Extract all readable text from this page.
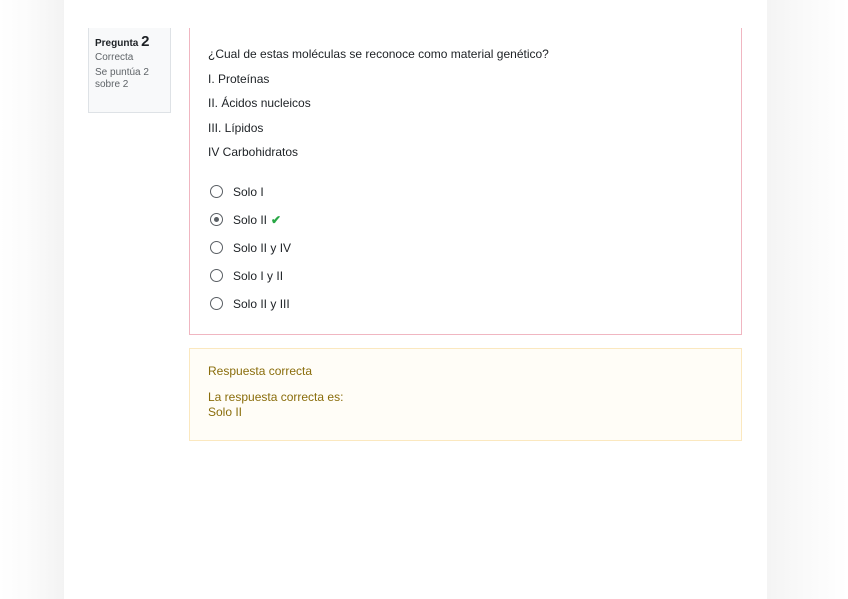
Pregunta 2
Correcta
Se puntúa 2 sobre 2
¿Cual de estas moléculas se reconoce como material genético?
I. Proteínas
II. Ácidos nucleicos
III. Lípidos
IV Carbohidratos
Solo I
Solo II ✔
Solo II y IV
Solo I y II
Solo II y III
Respuesta correcta
La respuesta correcta es:
Solo II
